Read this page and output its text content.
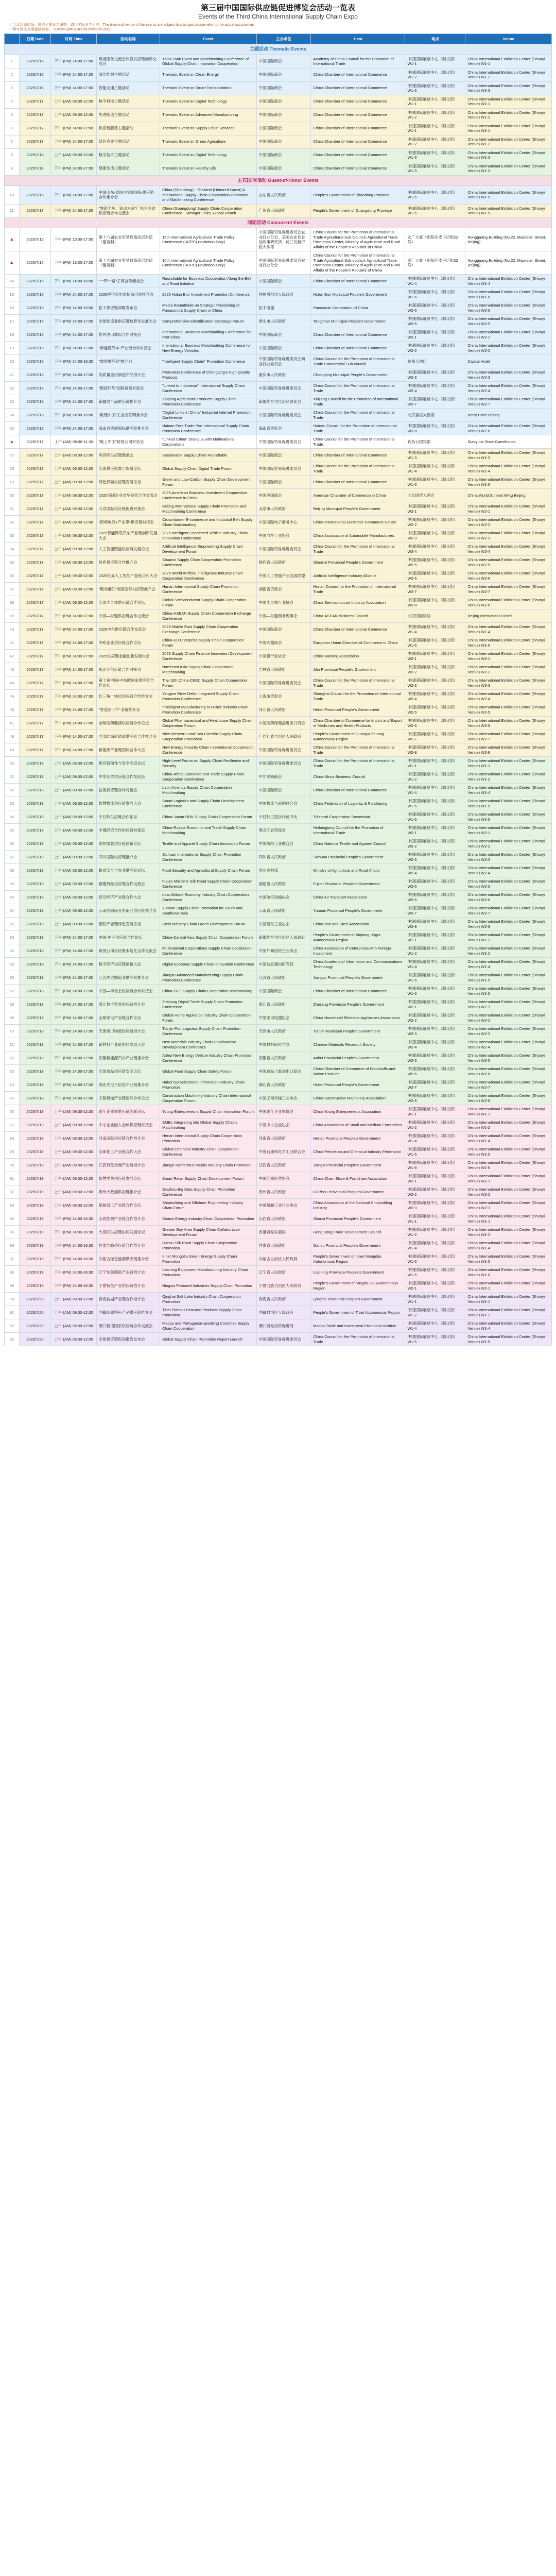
第三届中国国际供应链促进博览会活动一览表
Events of the Third China International Supply Chain Expo
* 会议活动时间、地点可能发生调整，请以实际发生为准。The time and venue of the events are subject to changes please refer to the actual occurrence.
* 带'∆'标注为需邀请参会。 "Events with ∆ are by invitation only."
	日期 Date	时间 Time	活动名称	Event	主办单位	Host	地点	Venue
主题活动 Thematic Events								
1	2025/7/16	下午 (PM) 14:00-17:00	现场服务交流会议暨供应链创新交流会	Think Tank Event and Matchmaking Conference of Global Supply Chain Innovation Cooperation	中国国际商会	Academy of China Council for the Promotion of International Trade	中国国际展览中心（顺义馆）W1-1	China International Exhibition Center (Shunyi Venue) W1-1
2	2025/7/16	下午 (PM) 14:00-17:00	清洁能源主题活动	Thematic Event on Clean Energy	中国国际商会	China Chamber of International Commerce	中国国际展览中心（顺义馆）W1-2	China International Exhibition Center (Shunyi Venue) W1-2
3	2025/7/16	下午 (PM) 14:00-17:00	智能交通主题活动	Thematic Event on Smart Transportation	中国国际商会	China Chamber of International Commerce	中国国际展览中心（顺义馆）W1-3	China International Exhibition Center (Shunyi Venue) W1-3
4	2025/7/17	上午 (AM) 09:30-12:00	数字科技主题活动	Thematic Event on Digital Technology	中国国际商会	China Chamber of International Commerce	中国国际展览中心（顺义馆）W1-1	China International Exhibition Center (Shunyi Venue) W1-1
5	2025/7/17	上午 (AM) 09:30-12:00	先进制造主题活动	Thematic Event on Advanced Manufacturing	中国国际商会	China Chamber of International Commerce	中国国际展览中心（顺义馆）W1-2	China International Exhibition Center (Shunyi Venue) W1-2
6	2025/7/17	下午 (PM) 14:00-17:00	供应链服务主题活动	Thematic Event on Supply Chain Services	中国国际商会	China Chamber of International Commerce	中国国际展览中心（顺义馆）W1-1	China International Exhibition Center (Shunyi Venue) W1-1
7	2025/7/17	下午 (PM) 14:00-17:00	绿色农业主题活动	Thematic Event on Green Agriculture	中国国际商会	China Chamber of International Commerce	中国国际展览中心（顺义馆）W1-2	China International Exhibition Center (Shunyi Venue) W1-2
8	2025/7/18	上午 (AM) 09:30-12:00	数字技术主题活动	Thematic Event on Digital Technology	中国国际商会	China Chamber of International Commerce	中国国际展览中心（顺义馆）W1-3	China International Exhibition Center (Shunyi Venue) W1-3
9	2025/7/18	下午 (PM) 14:00-17:00	健康生活主题活动	Thematic Event on Healthy Life	中国国际商会	China Chamber of International Commerce	中国国际展览中心（顺义馆）W1-3	China International Exhibition Center (Shunyi Venue) W1-3
主宾国/省活动 Guest-of-Honor Events								
10	2025/7/16	下午 (PM) 14:00-17:00	中国山东-泰国主宾国国际供应链合作推介会	China (Shandong) - Thailand (Honored Guest) & International Supply Chain Cooperation Promotion and Matchmaking Conference	山东省人民政府	People's Government of Shandong Province	中国国际展览中心（顺义馆）W1-5	China International Exhibition Center (Shunyi Venue) W1-5
11	2025/7/17	下午 (PM) 14:00-17:00	"粤链全球，链动未来"广东主宾省供应链合作交流会	China (Guangdong) Supply Chain Cooperation Conference - Stronger Links, Global Reach	广东省人民政府	People's Government of Guangdong Province	中国国际展览中心（顺义馆）W1-5	China International Exhibition Center (Shunyi Venue) W1-5
同期活动 Concurrent Events								
▲	2025/7/15	下午 (PM) 15:00-17:00	第十六届农业贸易政策高层对话（邀请制）	16th International Agricultural Trade Policy Conference (IATPC) (Invitation Only)	中国国际贸易促进委员会农业行业分会、美国农业及食品政策研究所、荷兰瓦赫宁根大学等	China Council for the Promotion of International Trade Agricultural Sub-Council; Agricultural Trade Promotion Center, Ministry of Agriculture and Rural Affairs of the People's Republic of China	农广大厦（朝阳区麦子店街22号）	Nongguang Building (No.22, Maizidian Street, Beijing)
▲	2025/7/15	下午 (PM) 15:00-17:00	第十六届农业贸易政策高层对话（邀请制）	16th International Agricultural Trade Policy Conference (IATPC) (Invitation Only)	中国国际贸易促进委员会农业行业分会	China Council for the Promotion of International Trade Agricultural Sub-council; Agricultural Trade Promotion Center, Ministry of Agriculture and Rural Affairs of the People's Republic of China	农广大厦（朝阳区麦子店街22号）	Nongguang Building (No.22, Maizidian Street, Beijing)
14	2025/7/16	下午 (PM) 14:00-16:00	"一带一路"工商合作圆桌会	Roundtable for Business Cooperation Along the Belt and Road Initiative	中国国际商会	China Chamber of International Commerce	中国国际展览中心（顺义馆）W1-4	China International Exhibition Center (Shunyi Venue) W1-4
15	2025/7/16	下午 (PM) 14:00-17:00	2025呼伦贝尔市招商引资推介会	2025 Hulun Buir Investment Promotion Conference	呼伦贝尔市人民政府	Hulun Buir Municipal People's Government	中国国际展览中心（顺义馆）W1-6	China International Exhibition Center (Shunyi Venue) W1-6
16	2025/7/16	下午 (PM) 14:00-16:00	松下供应链战略发布会	Media Roundtable on Strategic Positioning of Panasonic's Supply Chain in China	松下电器	Panasonic Corporation of China	中国国际展览中心（顺义馆）W2-6	China International Exhibition Center (Shunyi Venue) W2-6
17	2025/7/16	下午 (PM) 14:00-17:00	全球制造业供应链数智化发展大会	Comprehensive Electrification Exchange Forum	唐山市人民政府	Tangshan Municipal People's Government	中国国际展览中心（顺义馆）W2-5	China International Exhibition Center (Shunyi Venue) W2-5
18	2025/7/16	下午 (PM) 14:00-17:00	世界港口城市合作对接会	International Business Matchmaking Conference for Port Cities	中国国际商会	China Chamber of International Commerce	中国国际展览中心（顺义馆）W2-1	China International Exhibition Center (Shunyi Venue) W2-1
19	2025/7/16	下午 (PM) 14:00-17:00	"新能源汽车"产业链合作对接会	International Business Matchmaking Conference for New Energy Vehicles	中国国际商会	China Chamber of International Commerce	中国国际展览中心（顺义馆）W2-2	China International Exhibition Center (Shunyi Venue) W2-2
20	2025/7/16	下午 (PM) 14:00-16:30	"数智供应链"推介会	"Intelligent Supply Chain" Promotion Conference	中国国际贸易促进委员会商业行业委员会	China Council for the Promotion of International Trade Commercial Sub-council	首都大酒店	Capital Hotel
21	2025/7/16	下午 (PM) 14:00-17:00	高质量重庆制造产品推介会	Promotion Conference of Chongqing's High-Quality Products	重庆市人民政府	Chongqing Municipal People's Government	中国国际展览中心（顺义馆）W2-3	China International Exhibition Center (Shunyi Venue) W2-3
22	2025/7/16	下午 (PM) 14:00-17:00	"链接印尼"国际贸易对接会	"Linked to Indonesia" International Supply Chain Conference	中国国际贸易促进委员会	China Council for the Promotion of International Trade	中国国际展览中心（顺义馆）W2-4	China International Exhibition Center (Shunyi Venue) W2-4
23	2025/7/16	下午 (PM) 14:00-17:00	新疆农产品供应链推介会	Xinjiang Agricultural Products Supply Chain Promotion Conference	新疆维吾尔自治区贸促会	Xinjiang Council for the Promotion of International Trade	中国国际展览中心（顺义馆）W2-7	China International Exhibition Center (Shunyi Venue) W2-7
24	2025/7/16	下午 (PM) 14:00-16:00	"数链中国"工业互联网推介会	"Digital Links in China" Industrial Internet Promotion Conference	中国国际贸易促进委员会	China Council for the Promotion of International Trade	北京嘉里大酒店	Kerry Hotel Beijing
25	2025/7/16	下午 (PM) 14:00-17:00	海南自贸港国际供应链推介会	Hainan Free Trade Port International Supply Chain Promotion Conference	海南省贸促会	Hainan Council for the Promotion of International Trade	中国国际展览中心（顺义馆）W2-8	China International Exhibition Center (Shunyi Venue) W2-8
▲	2025/7/17	上午 (AM) 09:30-11:30	"链上中国"跨国公司对话会	"Linked China" Dialogue with Multinational Corporations	中国国际贸易促进委员会	China Council for the Promotion of International Trade	钓鱼台国宾馆	Diaoyutai State Guesthouse
27	2025/7/17	上午 (AM) 09:30-12:00	可持续供应链圆桌会	Sustainable Supply Chain Roundtable	中国国际商会	China Chamber of International Commerce	中国国际展览中心（顺义馆）W1-3	China International Exhibition Center (Shunyi Venue) W1-3
28	2025/7/17	上午 (AM) 09:30-12:00	全球供应链数字贸易论坛	Global Supply Chain Digital Trade Forum	中国国际贸易促进委员会	China Council for the Promotion of International Trade	中国国际展览中心（顺义馆）W1-4	China International Exhibition Center (Shunyi Venue) W1-4
29	2025/7/17	上午 (AM) 09:30-12:00	绿色低碳供应链发展论坛	Green and Low-Carbon Supply Chain Development Forum	中国国际商会	China Chamber of International Commerce	中国国际展览中心（顺义馆）W1-6	China International Exhibition Center (Shunyi Venue) W1-6
30	2025/7/17	上午 (AM) 09:30-12:00	2025美国企业对华投资合作交流会	2025 American Business Investment Cooperation Conference in China	中国美国商会	American Chamber of Commerce in China	北京国贸大酒店	China World Summit Wing Beijing
31	2025/7/17	上午 (AM) 09:30-12:00	北京国际供应链促进对接会	Beijing International Supply Chain Promotion and Matchmaking Conference	北京市人民政府	Beijing Municipal People's Government	中国国际展览中心（顺义馆）W2-1	China International Exhibition Center (Shunyi Venue) W2-1
32	2025/7/17	上午 (AM) 09:30-12:00	"跨境电商+产业带"供应链对接会	Cross-border E-commerce and Industrial Belt Supply Chain Matchmaking	中国国际电子商务中心	China International Electronic Commerce Center	中国国际展览中心（顺义馆）W2-2	China International Exhibition Center (Shunyi Venue) W2-2
33	2025/7/17	上午 (AM) 09:30-12:00	2025智能网联汽车产业链创新发展大会	2025 Intelligent Connected Vehicle Industry Chain Innovation Conference	中国汽车工业协会	China Association of Automobile Manufacturers	中国国际展览中心（顺义馆）W2-3	China International Exhibition Center (Shunyi Venue) W2-3
34	2025/7/17	上午 (AM) 09:30-12:00	人工智能赋能供应链发展论坛	Artificial Intelligence Empowering Supply Chain Development Forum	中国国际贸易促进委员会	China Council for the Promotion of International Trade	中国国际展览中心（顺义馆）W2-4	China International Exhibition Center (Shunyi Venue) W2-4
35	2025/7/17	上午 (AM) 09:30-12:00	陕西供应链合作推介会	Shaanxi Supply Chain Cooperation Promotion Conference	陕西省人民政府	Shaanxi Provincial People's Government	中国国际展览中心（顺义馆）W2-5	China International Exhibition Center (Shunyi Venue) W2-5
36	2025/7/17	上午 (AM) 09:30-12:00	2025世界人工智能产业链合作大会	2025 World Artificial Intelligence Industry Chain Cooperation Conference	中国人工智能产业发展联盟	Artificial Intelligence Industry Alliance	中国国际展览中心（顺义馆）W2-6	China International Exhibition Center (Shunyi Venue) W2-6
37	2025/7/17	上午 (AM) 09:30-12:00	"链动湘江"湖南国际供应链推介会	Hunan International Supply Chain Promotion Conference	湖南省贸促会	Hunan Council for the Promotion of International Trade	中国国际展览中心（顺义馆）W2-7	China International Exhibition Center (Shunyi Venue) W2-7
38	2025/7/17	上午 (AM) 09:30-12:00	全球半导体供应链合作论坛	Global Semiconductor Supply Chain Cooperation Forum	中国半导体行业协会	China Semiconductor Industry Association	中国国际展览中心（顺义馆）W2-8	China International Exhibition Center (Shunyi Venue) W2-8
39	2025/7/17	下午 (PM) 14:00-17:00	中国—东盟供应链合作交流会	China-ASEAN Supply Chain Cooperation Exchange Conference	中国—东盟商务理事会	China-ASEAN Business Council	北京国际饭店	Beijing International Hotel
40	2025/7/17	下午 (PM) 14:00-17:00	2025中东供应链合作交流会	2025 Middle East Supply Chain Cooperation Exchange Conference	中国国际商会	China Chamber of International Commerce	中国国际展览中心（顺义馆）W1-4	China International Exhibition Center (Shunyi Venue) W1-4
41	2025/7/17	下午 (PM) 14:00-17:00	中欧企业供应链合作论坛	China-EU Enterprise Supply Chain Cooperation Forum	中国欧盟商会	European Union Chamber of Commerce in China	中国国际展览中心（顺义馆）W1-6	China International Exhibition Center (Shunyi Venue) W1-6
42	2025/7/17	下午 (PM) 14:00-17:00	2025供应链金融创新发展大会	2025 Supply Chain Finance Innovation Development Conference	中国银行业协会	China Banking Association	中国国际展览中心（顺义馆）W2-1	China International Exhibition Center (Shunyi Venue) W2-1
43	2025/7/17	下午 (PM) 14:00-17:00	东北亚供应链合作对接会	Northeast Asia Supply Chain Cooperation Matchmaking	吉林省人民政府	Jilin Provincial People's Government	中国国际展览中心（顺义馆）W2-2	China International Exhibition Center (Shunyi Venue) W2-2
44	2025/7/17	下午 (PM) 14:00-17:00	第十届中国-中东欧国家供应链合作论坛	The 10th China-CEEC Supply Chain Cooperation Forum	中国国际贸易促进委员会	China Council for the Promotion of International Trade	中国国际展览中心（顺义馆）W2-3	China International Exhibition Center (Shunyi Venue) W2-3
45	2025/7/17	下午 (PM) 14:00-17:00	长三角一体化供应链合作推介会	Yangtze River Delta Integrated Supply Chain Promotion Conference	上海市贸促会	Shanghai Council for the Promotion of International Trade	中国国际展览中心（顺义馆）W2-4	China International Exhibition Center (Shunyi Venue) W2-4
46	2025/7/17	下午 (PM) 14:00-17:00	"智造河北"产业链推介会	"Intelligent Manufacturing in Hebei" Industry Chain Promotion Conference	河北省人民政府	Hebei Provincial People's Government	中国国际展览中心（顺义馆）W2-5	China International Exhibition Center (Shunyi Venue) W2-5
47	2025/7/17	下午 (PM) 14:00-17:00	全球医药健康供应链合作论坛	Global Pharmaceutical and Healthcare Supply Chain Cooperation Forum	中国医药保健品进出口商会	China Chamber of Commerce for Import and Export of Medicines and Health Products	中国国际展览中心（顺义馆）W2-6	China International Exhibition Center (Shunyi Venue) W2-6
48	2025/7/17	下午 (PM) 14:00-17:00	西部陆海新通道供应链合作推介会	New Western Land-Sea Corridor Supply Chain Cooperation Promotion	广西壮族自治区人民政府	People's Government of Guangxi Zhuang Autonomous Region	中国国际展览中心（顺义馆）W2-7	China International Exhibition Center (Shunyi Venue) W2-7
49	2025/7/17	下午 (PM) 14:00-17:00	新能源产业链国际合作大会	New Energy Industry Chain International Cooperation Conference	中国国际贸易促进委员会	China Council for the Promotion of International Trade	中国国际展览中心（顺义馆）W2-8	China International Exhibition Center (Shunyi Venue) W2-8
50	2025/7/18	上午 (AM) 09:30-12:00	供应链韧性与安全高层论坛	High-Level Forum on Supply Chain Resilience and Security	中国国际贸易促进委员会	China Council for the Promotion of International Trade	中国国际展览中心（顺义馆）W1-1	China International Exhibition Center (Shunyi Venue) W1-1
51	2025/7/18	上午 (AM) 09:30-12:00	中非经贸供应链合作交流会	China-Africa Economic and Trade Supply Chain Cooperation Conference	中非民间商会	China-Africa Business Council	中国国际展览中心（顺义馆）W1-2	China International Exhibition Center (Shunyi Venue) W1-2
52	2025/7/18	上午 (AM) 09:30-12:00	拉美供应链合作对接会	Latin America Supply Chain Cooperation Matchmaking	中国国际商会	China Chamber of International Commerce	中国国际展览中心（顺义馆）W1-4	China International Exhibition Center (Shunyi Venue) W1-4
53	2025/7/18	上午 (AM) 09:30-12:00	智慧物流供应链发展大会	Smart Logistics and Supply Chain Development Conference	中国物流与采购联合会	China Federation of Logistics & Purchasing	中国国际展览中心（顺义馆）W1-5	China International Exhibition Center (Shunyi Venue) W1-5
54	2025/7/18	上午 (AM) 09:30-12:00	中日韩供应链合作论坛	China-Japan-ROK Supply Chain Cooperation Forum	中日韩三国合作秘书处	Trilateral Cooperation Secretariat	中国国际展览中心（顺义馆）W1-6	China International Exhibition Center (Shunyi Venue) W1-6
55	2025/7/18	上午 (AM) 09:30-12:00	中俄经贸合作供应链对接会	China-Russia Economic and Trade Supply Chain Matchmaking	黑龙江省贸促会	Heilongjiang Council for the Promotion of International Trade	中国国际展览中心（顺义馆）W2-1	China International Exhibition Center (Shunyi Venue) W2-1
56	2025/7/18	上午 (AM) 09:30-12:00	纺织服装供应链创新论坛	Textile and Apparel Supply Chain Innovation Forum	中国纺织工业联合会	China National Textile and Apparel Council	中国国际展览中心（顺义馆）W2-2	China International Exhibition Center (Shunyi Venue) W2-2
57	2025/7/18	上午 (AM) 09:30-12:00	四川国际供应链推介会	Sichuan International Supply Chain Promotion Conference	四川省人民政府	Sichuan Provincial People's Government	中国国际展览中心（顺义馆）W2-3	China International Exhibition Center (Shunyi Venue) W2-3
58	2025/7/18	上午 (AM) 09:30-12:00	粮食安全与农业供应链论坛	Food Security and Agricultural Supply Chain Forum	农业农村部	Ministry of Agriculture and Rural Affairs	中国国际展览中心（顺义馆）W2-4	China International Exhibition Center (Shunyi Venue) W2-4
59	2025/7/18	上午 (AM) 09:30-12:00	福建海丝供应链合作交流会	Fujian Maritime Silk Road Supply Chain Cooperation Conference	福建省人民政府	Fujian Provincial People's Government	中国国际展览中心（顺义馆）W2-5	China International Exhibition Center (Shunyi Venue) W2-5
60	2025/7/18	上午 (AM) 09:30-12:00	低空经济产业链合作大会	Low-Altitude Economy Industry Chain Cooperation Conference	中国航空运输协会	China Air Transport Association	中国国际展览中心（顺义馆）W2-6	China International Exhibition Center (Shunyi Venue) W2-6
61	2025/7/18	上午 (AM) 09:30-12:00	云南面向南亚东南亚供应链推介会	Yunnan Supply Chain Promotion for South and Southeast Asia	云南省人民政府	Yunnan Provincial People's Government	中国国际展览中心（顺义馆）W2-7	China International Exhibition Center (Shunyi Venue) W2-7
62	2025/7/18	上午 (AM) 09:30-12:00	钢铁产业链绿色发展论坛	Steel Industry Chain Green Development Forum	中国钢铁工业协会	China Iron and Steel Association	中国国际展览中心（顺义馆）W2-8	China International Exhibition Center (Shunyi Venue) W2-8
63	2025/7/18	下午 (PM) 14:00-17:00	中国-中亚供应链合作论坛	China-Central Asia Supply Chain Cooperation Forum	新疆维吾尔自治区人民政府	People's Government of Xinjiang Uygur Autonomous Region	中国国际展览中心（顺义馆）W1-1	China International Exhibition Center (Shunyi Venue) W1-1
64	2025/7/18	下午 (PM) 14:00-17:00	跨国公司供应链本地化合作交流会	Multinational Corporations Supply Chain Localization Conference	中国外商投资企业协会	China Association of Enterprises with Foreign Investment	中国国际展览中心（顺义馆）W1-2	China International Exhibition Center (Shunyi Venue) W1-2
65	2025/7/18	下午 (PM) 14:00-17:00	数字经济供应链创新大会	Digital Economy Supply Chain Innovation Conference	中国信息通信研究院	China Academy of Information and Communications Technology	中国国际展览中心（顺义馆）W1-4	China International Exhibition Center (Shunyi Venue) W1-4
66	2025/7/18	下午 (PM) 14:00-17:00	江苏先进制造业供应链推介会	Jiangsu Advanced Manufacturing Supply Chain Promotion Conference	江苏省人民政府	Jiangsu Provincial People's Government	中国国际展览中心（顺义馆）W1-5	China International Exhibition Center (Shunyi Venue) W1-5
67	2025/7/18	下午 (PM) 14:00-17:00	中国—海合会供应链合作对接会	China-GCC Supply Chain Cooperation Matchmaking	中国国际商会	China Chamber of International Commerce	中国国际展览中心（顺义馆）W1-6	China International Exhibition Center (Shunyi Venue) W1-6
68	2025/7/18	下午 (PM) 14:00-17:00	浙江数字贸易供应链推介会	Zhejiang Digital Trade Supply Chain Promotion Conference	浙江省人民政府	Zhejiang Provincial People's Government	中国国际展览中心（顺义馆）W2-1	China International Exhibition Center (Shunyi Venue) W2-1
69	2025/7/18	下午 (PM) 14:00-17:00	全球家电产业链合作论坛	Global Home Appliance Industry Chain Cooperation Forum	中国家用电器协会	China Household Electrical Appliances Association	中国国际展览中心（顺义馆）W2-2	China International Exhibition Center (Shunyi Venue) W2-2
70	2025/7/18	下午 (PM) 14:00-17:00	天津港口物流供应链推介会	Tianjin Port Logistics Supply Chain Promotion Conference	天津市人民政府	Tianjin Municipal People's Government	中国国际展览中心（顺义馆）W2-3	China International Exhibition Center (Shunyi Venue) W2-3
71	2025/7/18	下午 (PM) 14:00-17:00	新材料产业链协同发展大会	New Materials Industry Chain Collaborative Development Conference	中国材料研究学会	Chinese Materials Research Society	中国国际展览中心（顺义馆）W2-4	China International Exhibition Center (Shunyi Venue) W2-4
72	2025/7/18	下午 (PM) 14:00-17:00	安徽新能源汽车产业链推介会	Anhui New Energy Vehicle Industry Chain Promotion Conference	安徽省人民政府	Anhui Provincial People's Government	中国国际展览中心（顺义馆）W2-5	China International Exhibition Center (Shunyi Venue) W2-5
73	2025/7/18	下午 (PM) 14:00-17:00	全球食品供应链安全论坛	Global Food Supply Chain Safety Forum	中国食品土畜进出口商会	China Chamber of Commerce of Foodstuffs and Native Produce	中国国际展览中心（顺义馆）W2-6	China International Exhibition Center (Shunyi Venue) W2-6
74	2025/7/18	下午 (PM) 14:00-17:00	湖北光电子信息产业链推介会	Hubei Optoelectronic Information Industry Chain Promotion	湖北省人民政府	Hubei Provincial People's Government	中国国际展览中心（顺义馆）W2-7	China International Exhibition Center (Shunyi Venue) W2-7
75	2025/7/18	下午 (PM) 14:00-17:00	工程机械产业链国际合作论坛	Construction Machinery Industry Chain International Cooperation Forum	中国工程机械工业协会	China Construction Machinery Association	中国国际展览中心（顺义馆）W2-8	China International Exhibition Center (Shunyi Venue) W2-8
76	2025/7/19	上午 (AM) 09:30-12:00	青年企业家供应链创新论坛	Young Entrepreneurs Supply Chain Innovation Forum	中国青年企业家协会	China Young Entrepreneurs Association	中国国际展览中心（顺义馆）W1-1	China International Exhibition Center (Shunyi Venue) W1-1
77	2025/7/19	上午 (AM) 09:30-12:00	中小企业融入全球供应链对接会	SMEs Integrating into Global Supply Chains Matchmaking	中国中小企业协会	China Association of Small and Medium Enterprises	中国国际展览中心（顺义馆）W1-2	China International Exhibition Center (Shunyi Venue) W1-2
78	2025/7/19	上午 (AM) 09:30-12:00	河南国际供应链合作推介会	Henan International Supply Chain Cooperation Promotion	河南省人民政府	Henan Provincial People's Government	中国国际展览中心（顺义馆）W1-4	China International Exhibition Center (Shunyi Venue) W1-4
79	2025/7/19	上午 (AM) 09:30-12:00	全球化工产业链合作大会	Global Chemical Industry Chain Cooperation Conference	中国石油和化学工业联合会	China Petroleum and Chemical Industry Federation	中国国际展览中心（顺义馆）W1-5	China International Exhibition Center (Shunyi Venue) W1-5
80	2025/7/19	上午 (AM) 09:30-12:00	江西有色金属产业链推介会	Jiangxi Nonferrous Metals Industry Chain Promotion	江西省人民政府	Jiangxi Provincial People's Government	中国国际展览中心（顺义馆）W1-6	China International Exhibition Center (Shunyi Venue) W1-6
81	2025/7/19	上午 (AM) 09:30-12:00	智慧零售供应链发展论坛	Smart Retail Supply Chain Development Forum	中国连锁经营协会	China Chain Store & Franchise Association	中国国际展览中心（顺义馆）W2-1	China International Exhibition Center (Shunyi Venue) W2-1
82	2025/7/19	上午 (AM) 09:30-12:00	贵州大数据供应链推介会	Guizhou Big Data Supply Chain Promotion Conference	贵州省人民政府	Guizhou Provincial People's Government	中国国际展览中心（顺义馆）W2-2	China International Exhibition Center (Shunyi Venue) W2-2
83	2025/7/19	上午 (AM) 09:30-12:00	船舶海工产业链合作论坛	Shipbuilding and Offshore Engineering Industry Chain Forum	中国船舶工业行业协会	China Association of the National Shipbuilding Industry	中国国际展览中心（顺义馆）W2-3	China International Exhibition Center (Shunyi Venue) W2-3
84	2025/7/19	下午 (PM) 14:00-16:30	山西能源产业链合作推介会	Shanxi Energy Industry Chain Cooperation Promotion	山西省人民政府	Shanxi Provincial People's Government	中国国际展览中心（顺义馆）W1-1	China International Exhibition Center (Shunyi Venue) W1-1
85	2025/7/19	下午 (PM) 14:00-16:30	大湾区供应链协同发展论坛	Greater Bay Area Supply Chain Collaborative Development Forum	香港贸易发展局	Hong Kong Trade Development Council	中国国际展览中心（顺义馆）W1-2	China International Exhibition Center (Shunyi Venue) W1-2
86	2025/7/19	下午 (PM) 14:00-16:30	甘肃丝路供应链合作推介会	Gansu Silk Road Supply Chain Cooperation Promotion	甘肃省人民政府	Gansu Provincial People's Government	中国国际展览中心（顺义馆）W1-4	China International Exhibition Center (Shunyi Venue) W1-4
87	2025/7/19	下午 (PM) 14:00-16:30	内蒙古绿色能源供应链推介会	Inner Mongolia Green Energy Supply Chain Promotion	内蒙古自治区人民政府	People's Government of Inner Mongolia Autonomous Region	中国国际展览中心（顺义馆）W1-5	China International Exhibition Center (Shunyi Venue) W1-5
88	2025/7/19	下午 (PM) 14:00-16:30	辽宁装备制造产业链推介会	Liaoning Equipment Manufacturing Industry Chain Promotion	辽宁省人民政府	Liaoning Provincial People's Government	中国国际展览中心（顺义馆）W1-6	China International Exhibition Center (Shunyi Venue) W1-6
89	2025/7/19	下午 (PM) 14:00-16:30	宁夏特色产业供应链推介会	Ningxia Featured Industries Supply Chain Promotion	宁夏回族自治区人民政府	People's Government of Ningxia Hui Autonomous Region	中国国际展览中心（顺义馆）W2-1	China International Exhibition Center (Shunyi Venue) W2-1
90	2025/7/20	上午 (AM) 09:30-12:00	青海盐湖产业链合作推介会	Qinghai Salt Lake Industry Chain Cooperation Promotion	青海省人民政府	Qinghai Provincial People's Government	中国国际展览中心（顺义馆）W1-1	China International Exhibition Center (Shunyi Venue) W1-1
91	2025/7/20	上午 (AM) 09:30-12:00	西藏高原特色产品供应链推介会	Tibet Plateau Featured Products Supply Chain Promotion	西藏自治区人民政府	People's Government of Tibet Autonomous Region	中国国际展览中心（顺义馆）W1-2	China International Exhibition Center (Shunyi Venue) W1-2
92	2025/7/20	上午 (AM) 09:30-12:00	澳门葡语国家供应链合作交流会	Macao and Portuguese-speaking Countries Supply Chain Cooperation	澳门贸易投资促进局	Macao Trade and Investment Promotion Institute	中国国际展览中心（顺义馆）W1-4	China International Exhibition Center (Shunyi Venue) W1-4
93	2025/7/20	上午 (AM) 09:30-12:00	全球供应链促进报告发布会	Global Supply Chain Promotion Report Launch	中国国际贸易促进委员会	China Council for the Promotion of International Trade	中国国际展览中心（顺义馆）W1-5	China International Exhibition Center (Shunyi Venue) W1-5
